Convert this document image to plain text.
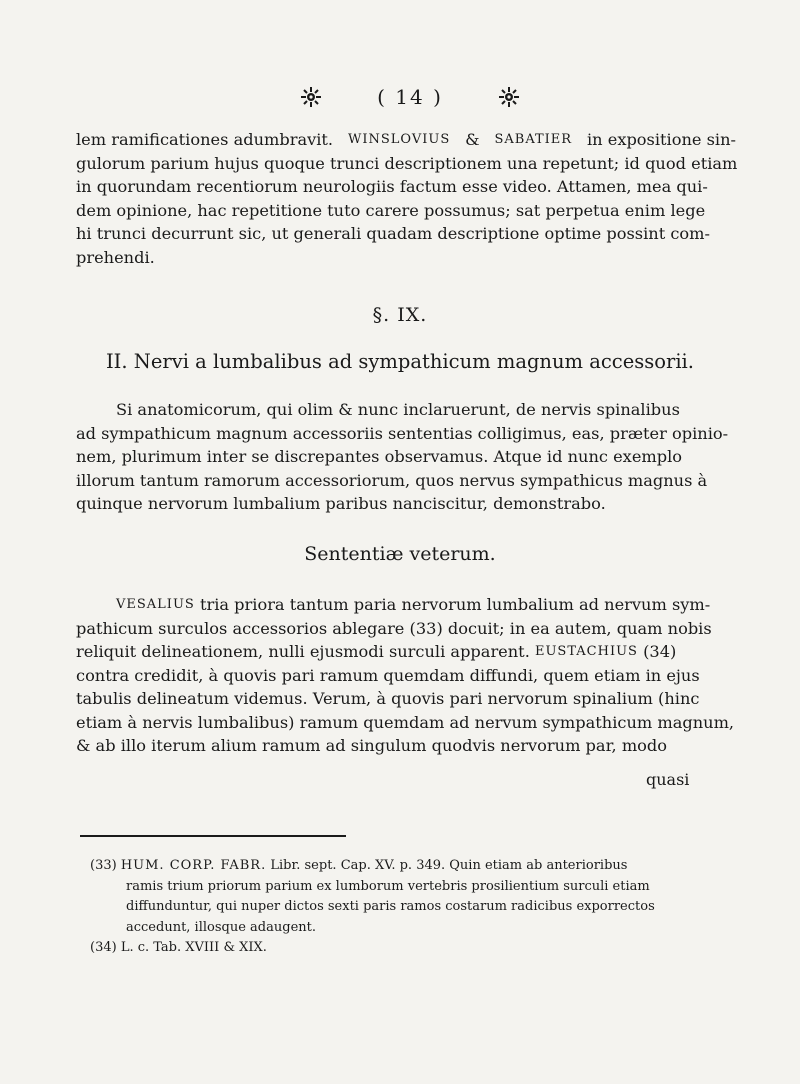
( 14 )
lem ramificationes adumbravit. WINSLOVIUS & SABATIER in expositione sin-
gulorum parium hujus quoque trunci descriptionem una repetunt; id quod etiam
in quorundam recentiorum neurologiis factum esse video. Attamen, mea qui-
dem opinione, hac repetitione tuto carere possumus; sat perpetua enim lege
hi trunci decurrunt sic, ut generali quadam descriptione optime possint com-
prehendi.
§. IX.
II. Nervi a lumbalibus ad sympathicum magnum accessorii.
Si anatomicorum, qui olim & nunc inclaruerunt, de nervis spinalibus
ad sympathicum magnum accessoriis sententias colligimus, eas, præter opinio-
nem, plurimum inter se discrepantes observamus. Atque id nunc exemplo
illorum tantum ramorum accessoriorum, quos nervus sympathicus magnus à
quinque nervorum lumbalium paribus nanciscitur, demonstrabo.
Sententiæ veterum.
VESALIUS tria priora tantum paria nervorum lumbalium ad nervum sym-
pathicum surculos accessorios ablegare (33) docuit; in ea autem, quam nobis
reliquit delineationem, nulli ejusmodi surculi apparent. EUSTACHIUS (34)
contra credidit, à quovis pari ramum quemdam diffundi, quem etiam in ejus
tabulis delineatum videmus. Verum, à quovis pari nervorum spinalium (hinc
etiam à nervis lumbalibus) ramum quemdam ad nervum sympathicum magnum,
& ab illo iterum alium ramum ad singulum quodvis nervorum par, modo
quasi
(33) HUM. CORP. FABR. Libr. sept. Cap. XV. p. 349. Quin etiam ab anterioribus
ramis trium priorum parium ex lumborum vertebris prosilientium surculi etiam
diffunduntur, qui nuper dictos sexti paris ramos costarum radicibus exporrectos
accedunt, illosque adaugent.
(34) L. c. Tab. XVIII & XIX.
